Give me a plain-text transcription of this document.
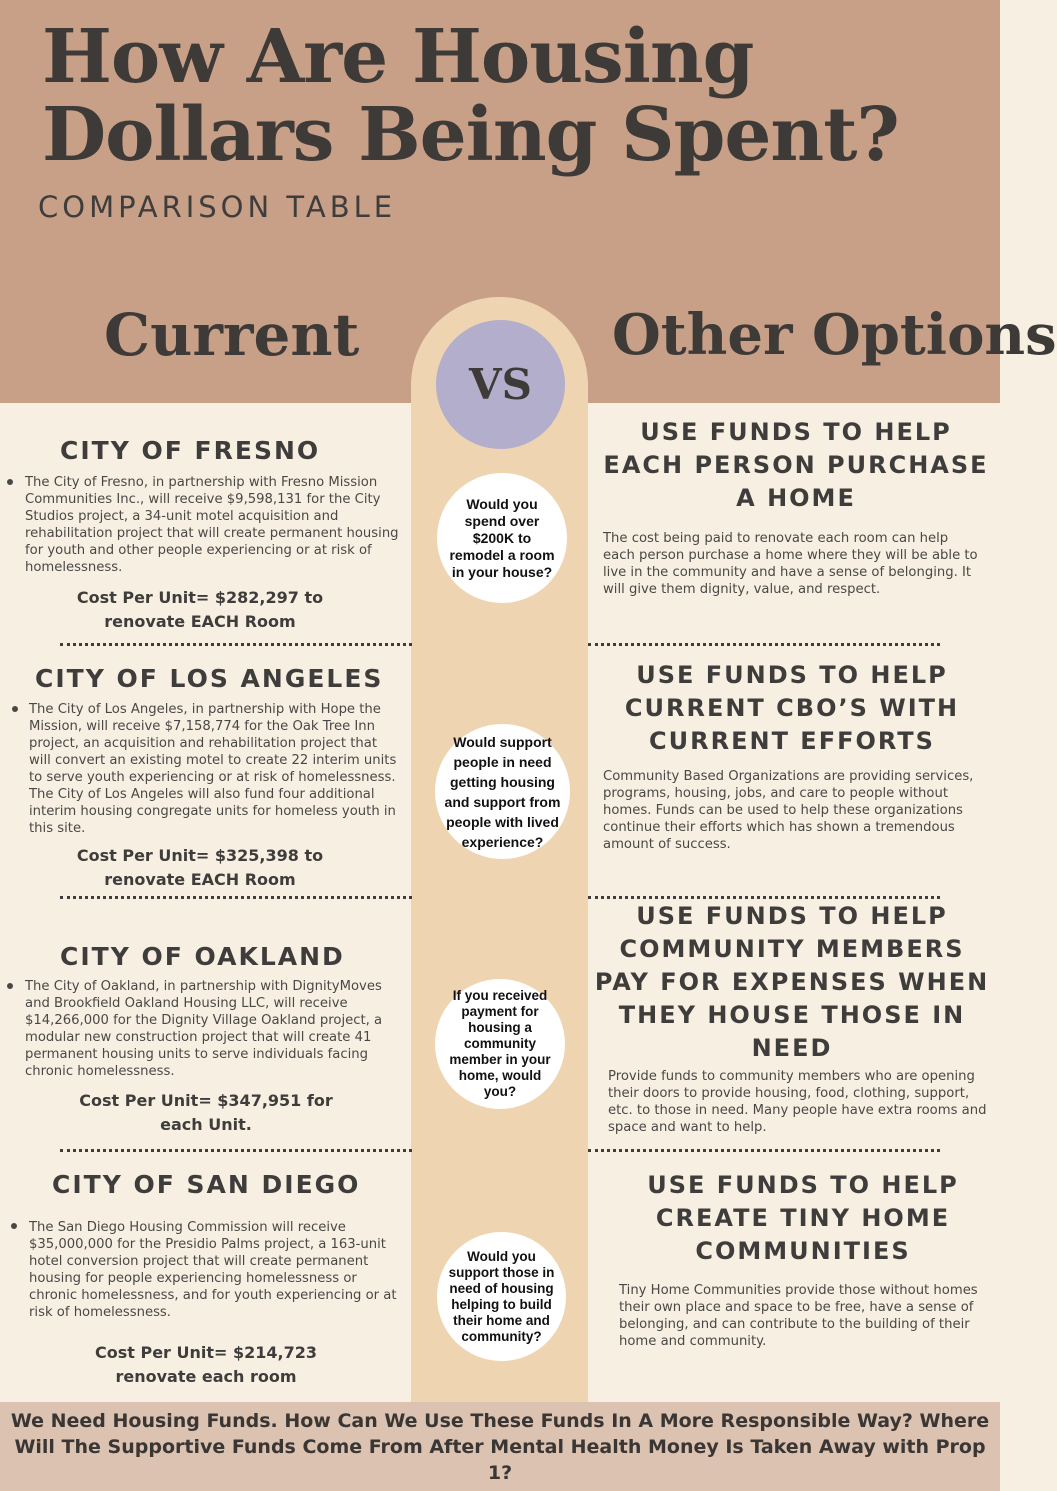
How Are Housing
Dollars Being Spent?
COMPARISON TABLE
Current	Other Options
VS
CITY OF FRESNO
The City of Fresno, in partnership with Fresno Mission Communities Inc., will receive $9,598,131 for the City Studios project, a 34-unit motel acquisition and rehabilitation project that will create permanent housing for youth and other people experiencing or at risk of homelessness.
Cost Per Unit= $282,297 to
renovate EACH Room
CITY OF LOS ANGELES
The City of Los Angeles, in partnership with Hope the Mission, will receive $7,158,774 for the Oak Tree Inn project, an acquisition and rehabilitation project that will convert an existing motel to create 22 interim units to serve youth experiencing or at risk of homelessness. The City of Los Angeles will also fund four additional interim housing congregate units for homeless youth in this site.
Cost Per Unit= $325,398 to
renovate EACH Room
CITY OF OAKLAND
The City of Oakland, in partnership with DignityMoves and Brookfield Oakland Housing LLC, will receive $14,266,000 for the Dignity Village Oakland project, a modular new construction project that will create 41 permanent housing units to serve individuals facing chronic homelessness.
Cost Per Unit= $347,951 for
each Unit.
CITY OF SAN DIEGO
The San Diego Housing Commission will receive $35,000,000 for the Presidio Palms project, a 163-unit hotel conversion project that will create permanent housing for people experiencing homelessness or chronic homelessness, and for youth experiencing or at risk of homelessness.
Cost Per Unit= $214,723
renovate each room
Would you spend over $200K to remodel a room in your house?
Would support people in need getting housing and support from people with lived experience?
If you received payment for housing a community member in your home, would you?
Would you support those in need of housing helping to build their home and community?
USE FUNDS TO HELP EACH PERSON PURCHASE A HOME
The cost being paid to renovate each room can help each person purchase a home where they will be able to live in the community and have a sense of belonging. It will give them dignity, value, and respect.
USE FUNDS TO HELP CURRENT CBO’S WITH CURRENT EFFORTS
Community Based Organizations are providing services, programs, housing, jobs, and care to people without homes. Funds can be used to help these organizations continue their efforts which has shown a tremendous amount of success.
USE FUNDS TO HELP COMMUNITY MEMBERS PAY FOR EXPENSES WHEN THEY HOUSE THOSE IN NEED
Provide funds to community members who are opening their doors to provide housing, food, clothing, support, etc. to those in need. Many people have extra rooms and space and want to help.
USE FUNDS TO HELP CREATE TINY HOME COMMUNITIES
Tiny Home Communities provide those without homes their own place and space to be free, have a sense of belonging, and can contribute to the building of their home and community.
We Need Housing Funds. How Can We Use These Funds In A More Responsible Way? Where Will The Supportive Funds Come From After Mental Health Money Is Taken Away with Prop 1?
